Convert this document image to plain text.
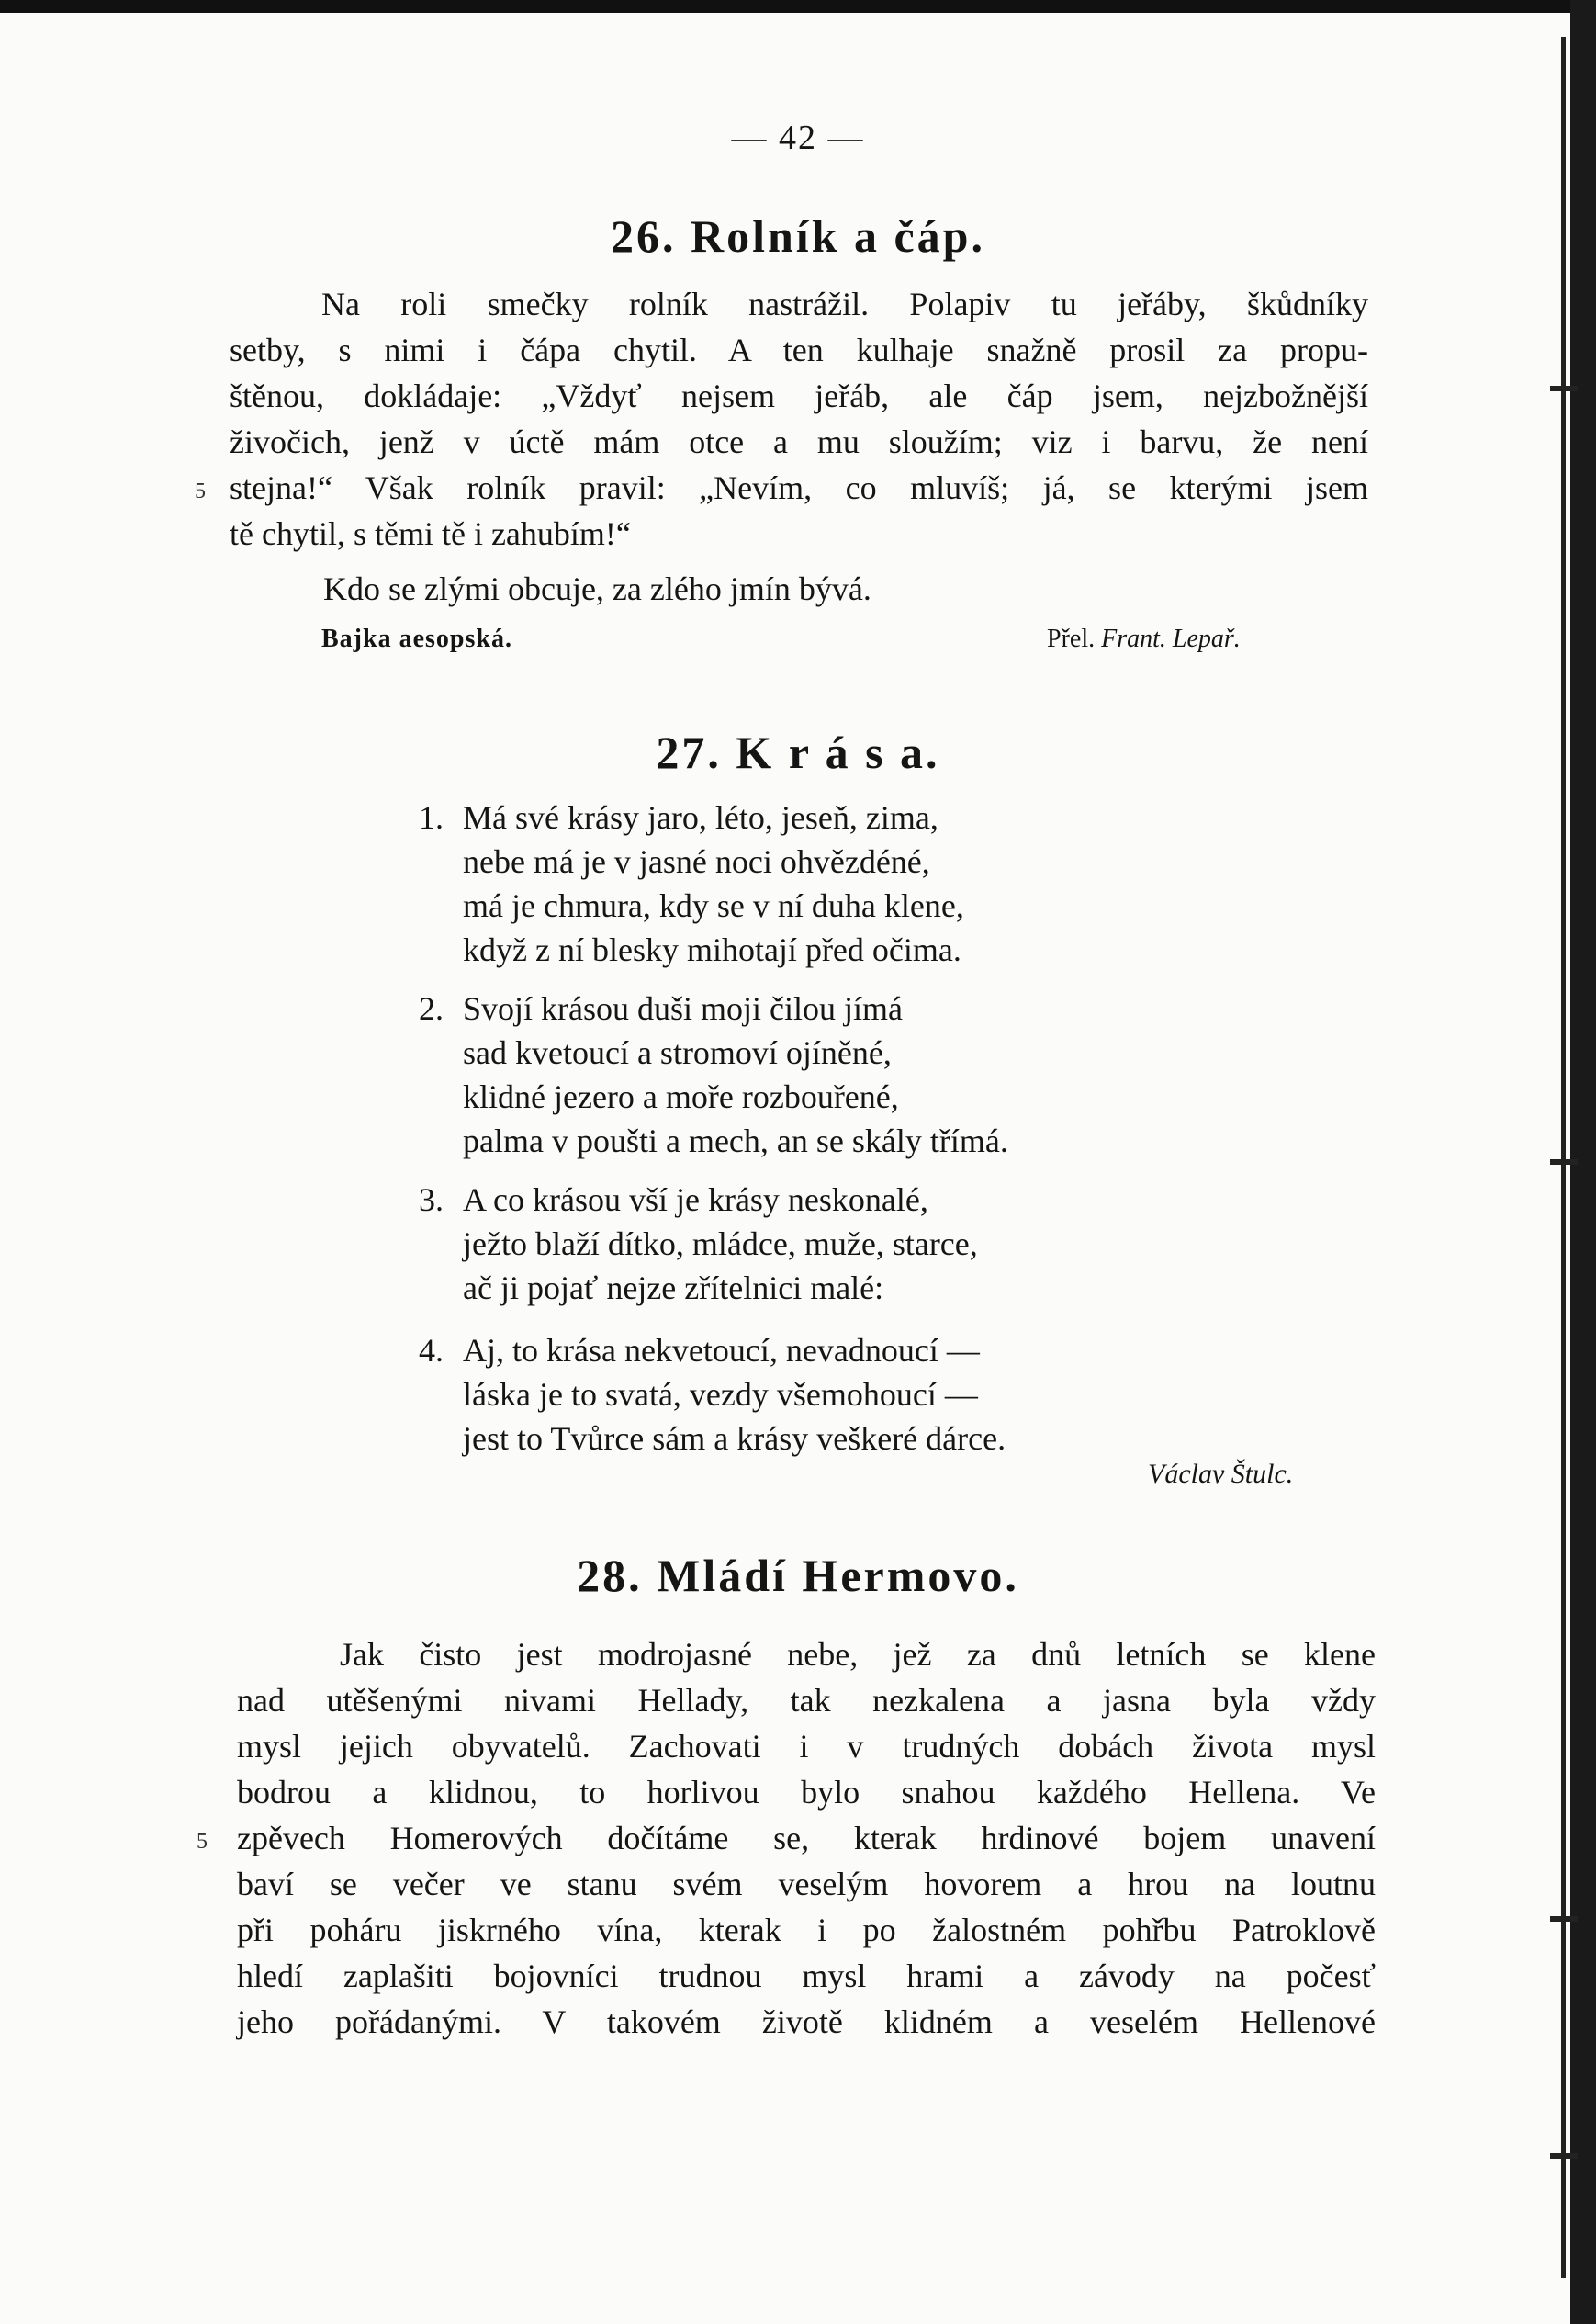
— 42 —
26. Rolník a čáp.
Na roli smečky rolník nastrážil. Polapiv tu jeřáby, škůdníky
setby, s nimi i čápa chytil. A ten kulhaje snažně prosil za propu-
štěnou, dokládaje: „Vždyť nejsem jeřáb, ale čáp jsem, nejzbožnější
živočich, jenž v úctě mám otce a mu sloužím; viz i barvu, že není
stejna!“ Však rolník pravil: „Nevím, co mluvíš; já, se kterými jsem
tě chytil, s těmi tě i zahubím!“
5
Kdo se zlými obcuje, za zlého jmín bývá.
Bajka aesopská.	Přel. Frant. Lepař.
27. K r á s a.
1. Má své krásy jaro, léto, jeseň, zima,
nebe má je v jasné noci ohvězdéné,
má je chmura, kdy se v ní duha klene,
když z ní blesky mihotají před očima.
2. Svojí krásou duši moji čilou jímá
sad kvetoucí a stromoví ojíněné,
klidné jezero a moře rozbouřené,
palma v poušti a mech, an se skály třímá.
3. A co krásou vší je krásy neskonalé,
ježto blaží dítko, mládce, muže, starce,
ač ji pojať nejze zřítelnici malé:
4. Aj, to krása nekvetoucí, nevadnoucí —
láska je to svatá, vezdy všemohoucí —
jest to Tvůrce sám a krásy veškeré dárce.
Václav Štulc.
28. Mládí Hermovo.
Jak čisto jest modrojasné nebe, jež za dnů letních se klene
nad utěšenými nivami Hellady, tak nezkalena a jasna byla vždy
mysl jejich obyvatelů. Zachovati i v trudných dobách života mysl
bodrou a klidnou, to horlivou bylo snahou každého Hellena. Ve
zpěvech Homerových dočítáme se, kterak hrdinové bojem unavení
baví se večer ve stanu svém veselým hovorem a hrou na loutnu
při poháru jiskrného vína, kterak i po žalostném pohřbu Patroklově
hledí zaplašiti bojovníci trudnou mysl hrami a závody na počesť
jeho pořádanými. V takovém životě klidném a veselém Hellenové
5
